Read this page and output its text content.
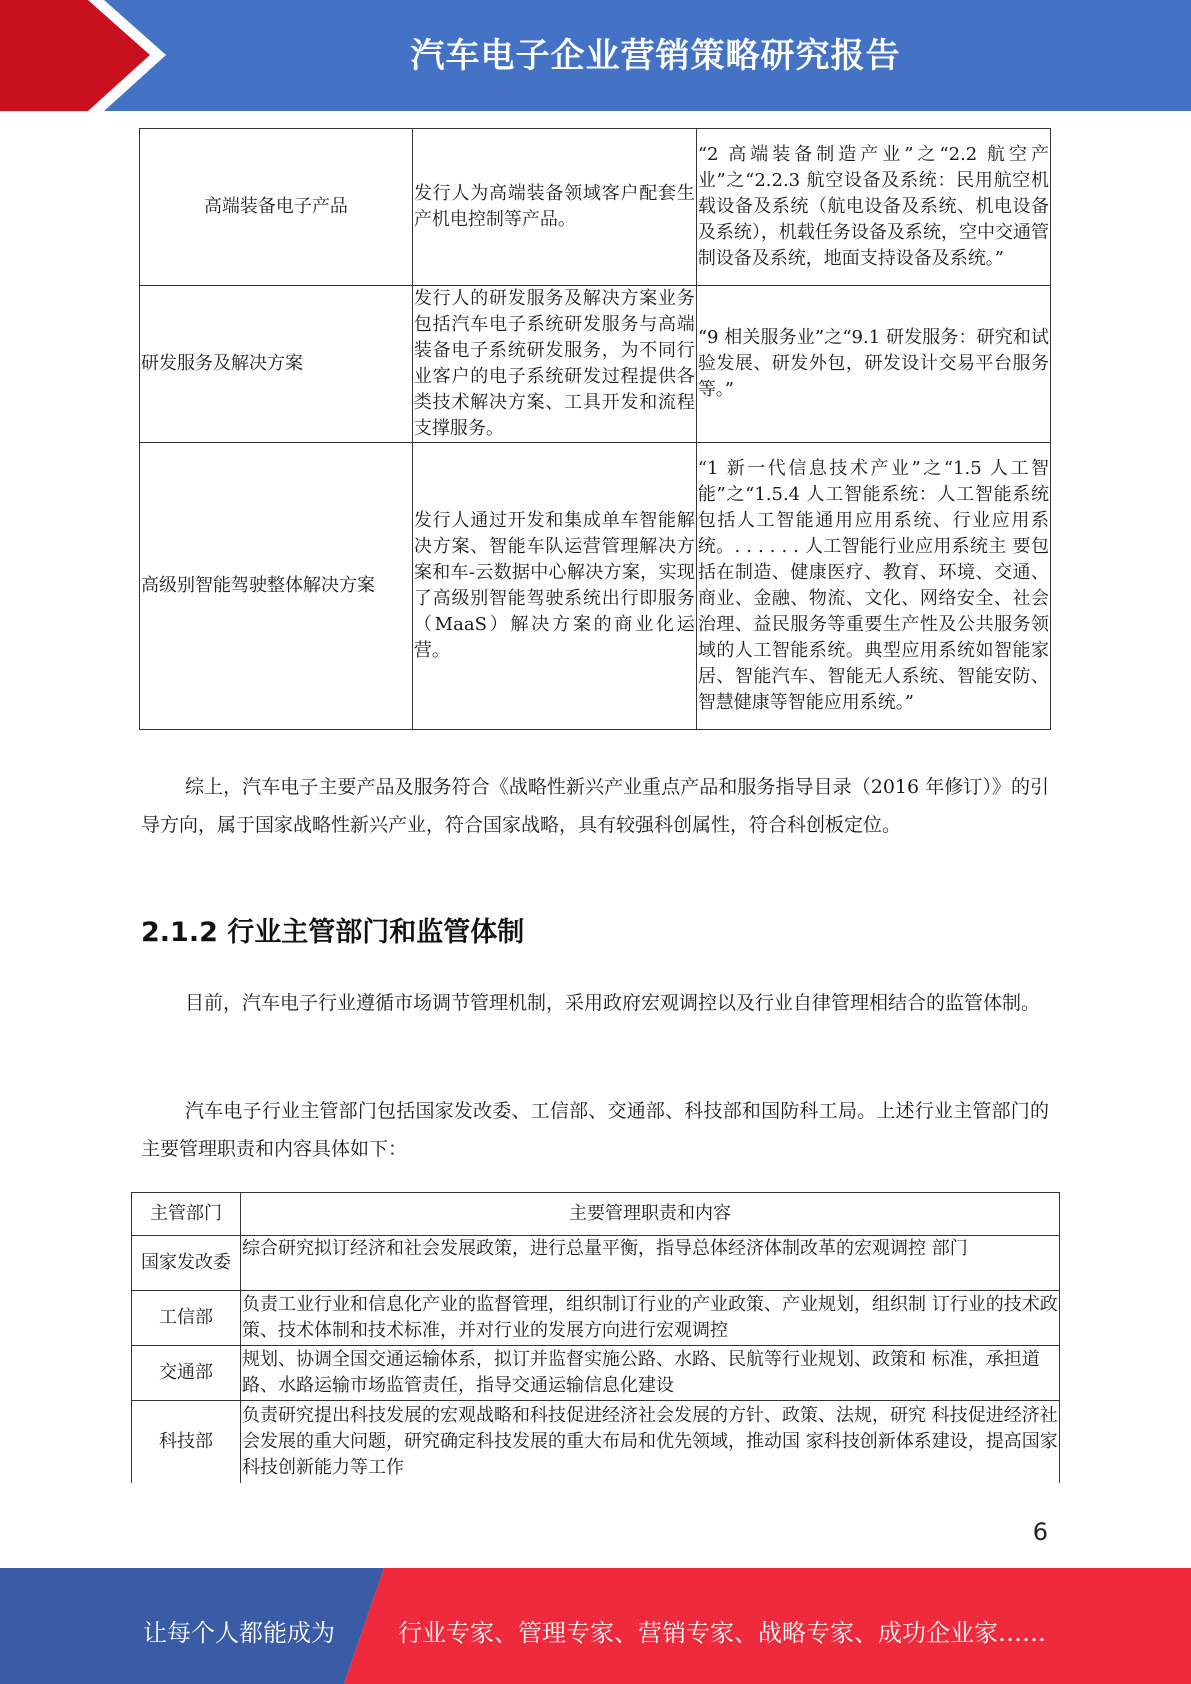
汽车电子企业营销策略研究报告
高端装备电子产品	发行人为高端装备领域客户配套生产机电控制等产品。	“2 高端装备制造产业”之“2.2 航空产业”之“2.2.3 航空设备及系统：民用航空机载设备及系统（航电设备及系统、机电设备及系统），机载任务设备及系统，空中交通管制设备及系统，地面支持设备及系统。”
研发服务及解决方案	发行人的研发服务及解决方案业务包括汽车电子系统研发服务与高端装备电子系统研发服务，为不同行业客户的电子系统研发过程提供各类技术解决方案、工具开发和流程支撑服务。	“9 相关服务业”之“9.1 研发服务：研究和试验发展、研发外包，研发设计交易平台服务等。”
高级别智能驾驶整体解决方案	发行人通过开发和集成单车智能解决方案、智能车队运营管理解决方案和车-云数据中心解决方案，实现了高级别智能驾驶系统出行即服务（MaaS）解决方案的商业化运营。	“1 新一代信息技术产业”之“1.5 人工智能”之“1.5.4 人工智能系统：人工智能系统包括人工智能通用应用系统、行业应用系统。. . . . . . 人工智能行业应用系统主 要包括在制造、健康医疗、教育、环境、交通、商业、金融、物流、文化、网络安全、社会治理、益民服务等重要生产性及公共服务领域的人工智能系统。典型应用系统如智能家居、智能汽车、智能无人系统、智能安防、智慧健康等智能应用系统。”

综上，汽车电子主要产品及服务符合《战略性新兴产业重点产品和服务指导目录（2016 年修订）》的引导方向，属于国家战略性新兴产业，符合国家战略，具有较强科创属性，符合科创板定位。

2.1.2 行业主管部门和监管体制

目前，汽车电子行业遵循市场调节管理机制，采用政府宏观调控以及行业自律管理相结合的监管体制。

汽车电子行业主管部门包括国家发改委、工信部、交通部、科技部和国防科工局。上述行业主管部门的主要管理职责和内容具体如下：

主管部门	主要管理职责和内容
国家发改委	综合研究拟订经济和社会发展政策，进行总量平衡，指导总体经济体制改革的宏观调控 部门
工信部	负责工业行业和信息化产业的监督管理，组织制订行业的产业政策、产业规划，组织制 订行业的技术政策、技术体制和技术标准，并对行业的发展方向进行宏观调控
交通部	规划、协调全国交通运输体系，拟订并监督实施公路、水路、民航等行业规划、政策和 标准，承担道路、水路运输市场监管责任，指导交通运输信息化建设
科技部	负责研究提出科技发展的宏观战略和科技促进经济社会发展的方针、政策、法规，研究 科技促进经济社会发展的重大问题，研究确定科技发展的重大布局和优先领域，推动国 家科技创新体系建设，提高国家科技创新能力等工作
6
让每个人都能成为	行业专家、管理专家、营销专家、战略专家、成功企业家……
